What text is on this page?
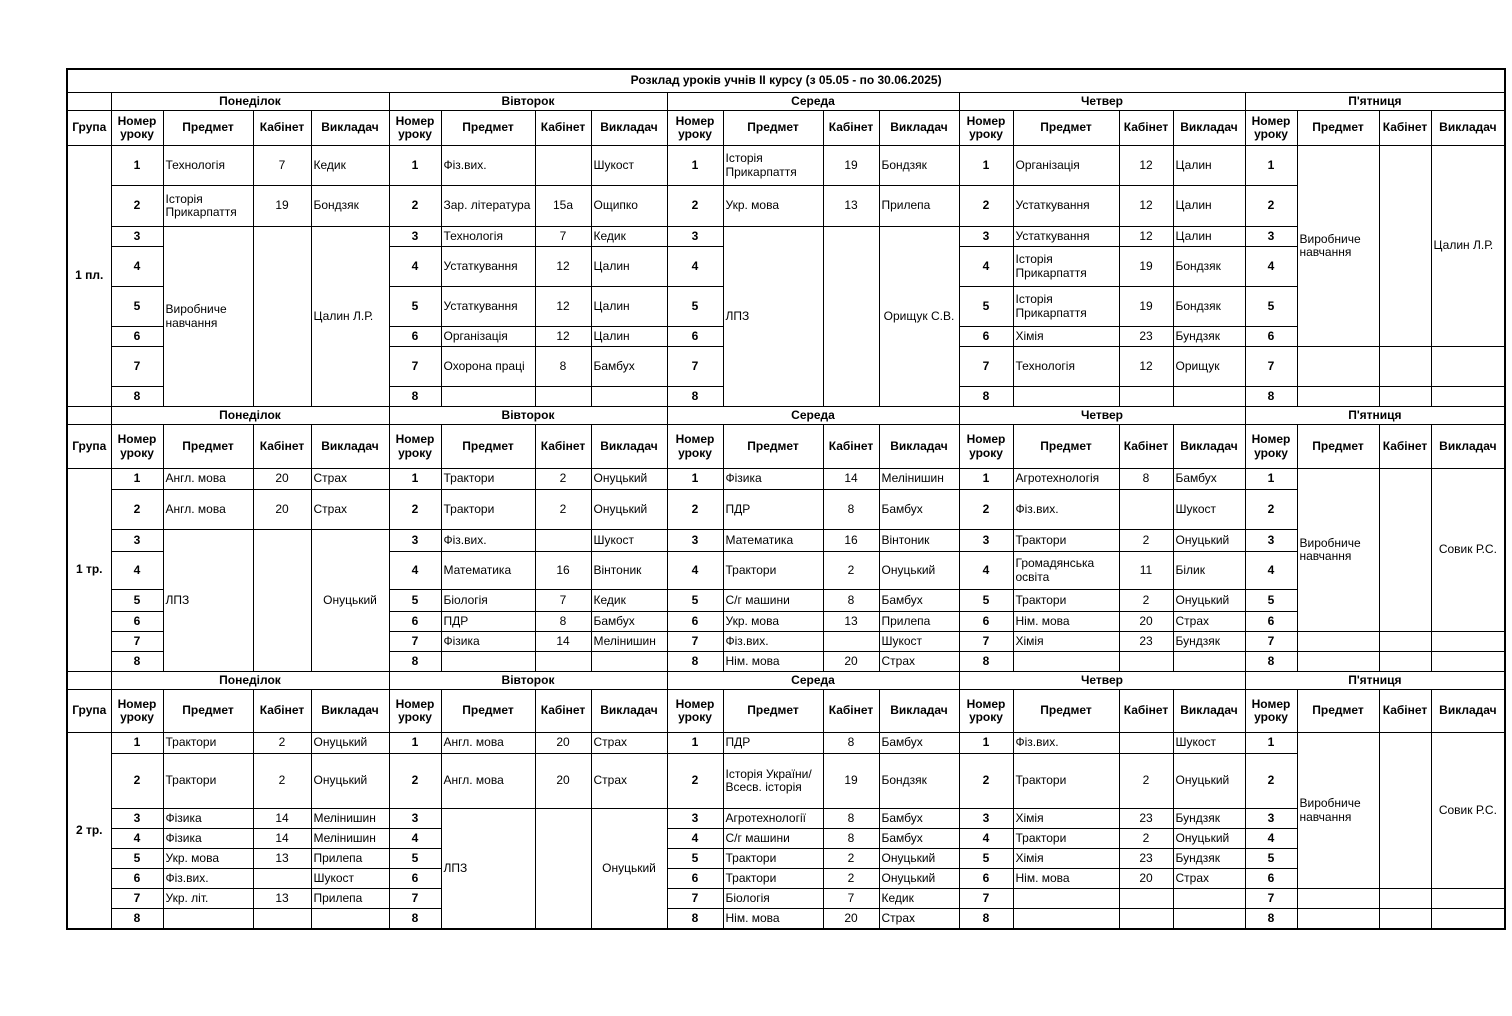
Розклад уроків учнів II курсу (з 05.05 - по 30.06.2025)																				
	Понеділок				Вівторок				Середа				Четвер				П'ятниця			
Група	Номер уроку	Предмет	Кабінет	Викладач	Номер уроку	Предмет	Кабінет	Викладач	Номер уроку	Предмет	Кабінет	Викладач	Номер уроку	Предмет	Кабінет	Викладач	Номер уроку	Предмет	Кабінет	Викладач
1 пл.	1	Технологія	7	Кедик	1	Фіз.вих.		Шукост	1	Історія Прикарпаття	19	Бондзяк	1	Організація	12	Цалин	1	Виробниче навчання		Цалин Л.Р.
	2	Історія Прикарпаття	19	Бондзяк	2	Зар. література	15а	Ощипко	2	Укр. мова	13	Прилепа	2	Устаткування	12	Цалин	2			
	3	Виробниче навчання		Цалин Л.Р.	3	Технологія	7	Кедик	3	ЛПЗ		Орищук С.В.	3	Устаткування	12	Цалин	3			
	4				4	Устаткування	12	Цалин	4				4	Історія Прикарпаття	19	Бондзяк	4			
	5				5	Устаткування	12	Цалин	5				5	Історія Прикарпаття	19	Бондзяк	5			
	6				6	Організація	12	Цалин	6				6	Хімія	23	Бундзяк	6			
	7				7	Охорона праці	8	Бамбух	7				7	Технологія	12	Орищук	7			
	8				8				8				8				8			
	Понеділок				Вівторок				Середа				Четвер				П'ятниця			
Група	Номер уроку	Предмет	Кабінет	Викладач	Номер уроку	Предмет	Кабінет	Викладач	Номер уроку	Предмет	Кабінет	Викладач	Номер уроку	Предмет	Кабінет	Викладач	Номер уроку	Предмет	Кабінет	Викладач
1 тр.	1	Англ. мова	20	Страх	1	Трактори	2	Онуцький	1	Фізика	14	Мелінишин	1	Агротехнологія	8	Бамбух	1	Виробниче навчання		Совик Р.С.
	2	Англ. мова	20	Страх	2	Трактори	2	Онуцький	2	ПДР	8	Бамбух	2	Фіз.вих.		Шукост	2			
	3	ЛПЗ		Онуцький	3	Фіз.вих.		Шукост	3	Математика	16	Вінтоник	3	Трактори	2	Онуцький	3			
	4				4	Математика	16	Вінтоник	4	Трактори	2	Онуцький	4	Громадянська освіта	11	Білик	4			
	5				5	Біологія	7	Кедик	5	С/г машини	8	Бамбух	5	Трактори	2	Онуцький	5			
	6				6	ПДР	8	Бамбух	6	Укр. мова	13	Прилепа	6	Нім. мова	20	Страх	6			
	7				7	Фізика	14	Мелінишин	7	Фіз.вих.		Шукост	7	Хімія	23	Бундзяк	7			
	8				8				8	Нім. мова	20	Страх	8				8			
	Понеділок				Вівторок				Середа				Четвер				П'ятниця			
Група	Номер уроку	Предмет	Кабінет	Викладач	Номер уроку	Предмет	Кабінет	Викладач	Номер уроку	Предмет	Кабінет	Викладач	Номер уроку	Предмет	Кабінет	Викладач	Номер уроку	Предмет	Кабінет	Викладач
2 тр.	1	Трактори	2	Онуцький	1	Англ. мова	20	Страх	1	ПДР	8	Бамбух	1	Фіз.вих.		Шукост	1	Виробниче навчання		Совик Р.С.
	2	Трактори	2	Онуцький	2	Англ. мова	20	Страх	2	Історія України/ Всесв. історія	19	Бондзяк	2	Трактори	2	Онуцький	2			
	3	Фізика	14	Мелінишин	3	ЛПЗ		Онуцький	3	Агротехнології	8	Бамбух	3	Хімія	23	Бундзяк	3			
	4	Фізика	14	Мелінишин	4				4	С/г машини	8	Бамбух	4	Трактори	2	Онуцький	4			
	5	Укр. мова	13	Прилепа	5				5	Трактори	2	Онуцький	5	Хімія	23	Бундзяк	5			
	6	Фіз.вих.		Шукост	6				6	Трактори	2	Онуцький	6	Нім. мова	20	Страх	6			
	7	Укр. літ.	13	Прилепа	7				7	Біологія	7	Кедик	7				7			
	8				8				8	Нім. мова	20	Страх	8				8			
